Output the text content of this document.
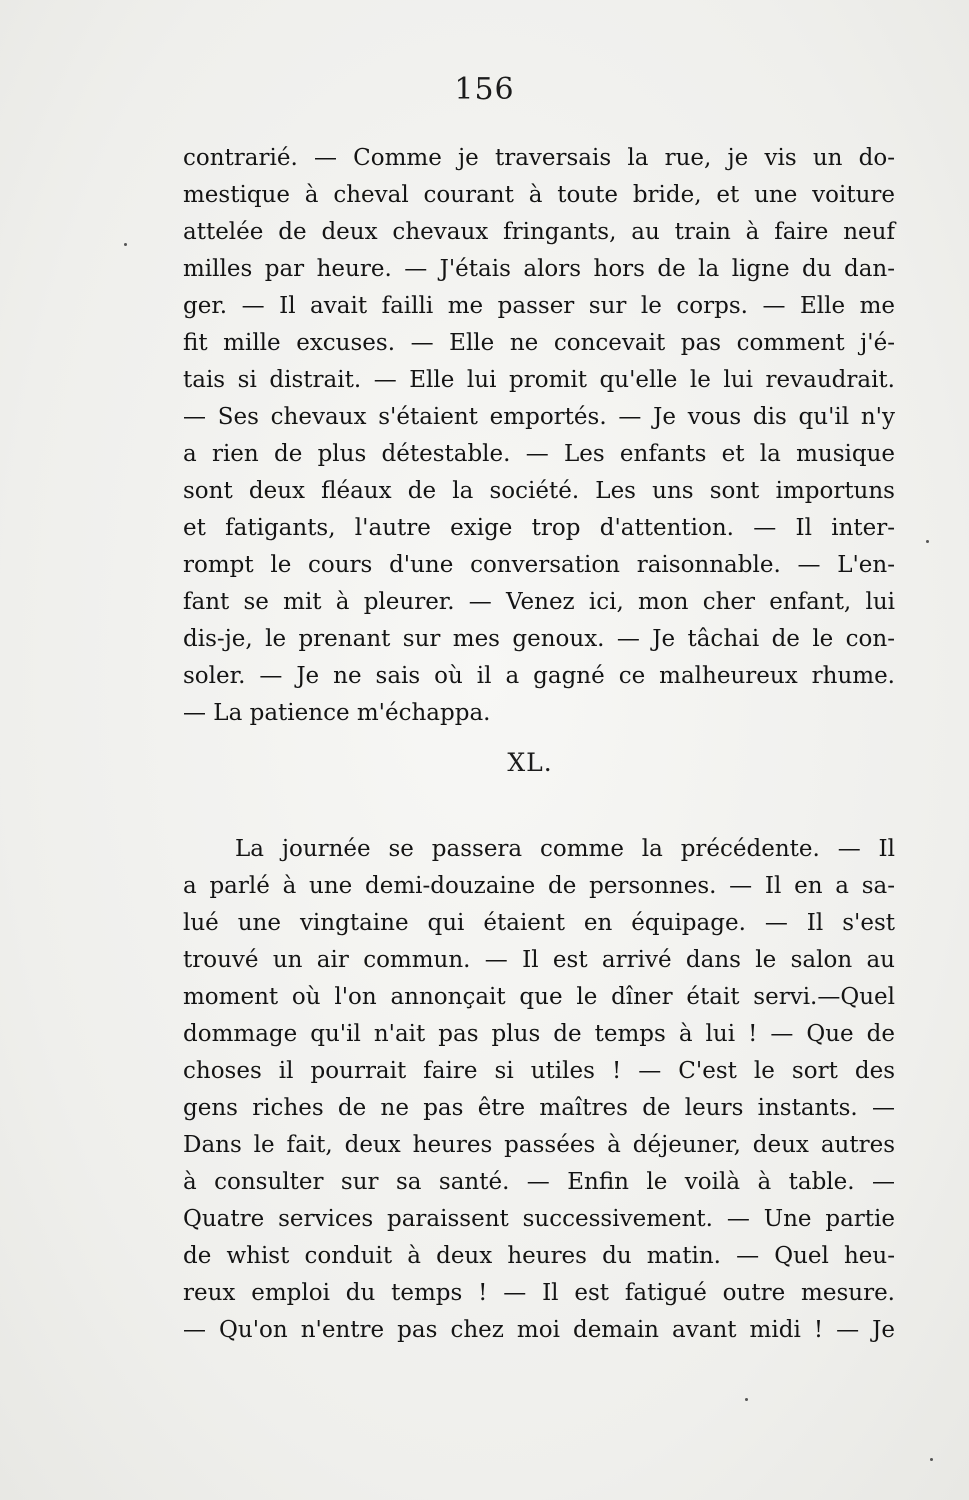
156
contrarié. — Comme je traversais la rue, je vis un do-
mestique à cheval courant à toute bride, et une voiture
attelée de deux chevaux fringants, au train à faire neuf
milles par heure. — J'étais alors hors de la ligne du dan-
ger. — Il avait failli me passer sur le corps. — Elle me
fit mille excuses. — Elle ne concevait pas comment j'é-
tais si distrait. — Elle lui promit qu'elle le lui revaudrait.
— Ses chevaux s'étaient emportés. — Je vous dis qu'il n'y
a rien de plus détestable. — Les enfants et la musique
sont deux fléaux de la société. Les uns sont importuns
et fatigants, l'autre exige trop d'attention. — Il inter-
rompt le cours d'une conversation raisonnable. — L'en-
fant se mit à pleurer. — Venez ici, mon cher enfant, lui
dis-je, le prenant sur mes genoux. — Je tâchai de le con-
soler. — Je ne sais où il a gagné ce malheureux rhume.
— La patience m'échappa.
XL.
La journée se passera comme la précédente. — Il
a parlé à une demi-douzaine de personnes. — Il en a sa-
lué une vingtaine qui étaient en équipage. — Il s'est
trouvé un air commun. — Il est arrivé dans le salon au
moment où l'on annonçait que le dîner était servi.—Quel
dommage qu'il n'ait pas plus de temps à lui ! — Que de
choses il pourrait faire si utiles ! — C'est le sort des
gens riches de ne pas être maîtres de leurs instants. —
Dans le fait, deux heures passées à déjeuner, deux autres
à consulter sur sa santé. — Enfin le voilà à table. —
Quatre services paraissent successivement. — Une partie
de whist conduit à deux heures du matin. — Quel heu-
reux emploi du temps ! — Il est fatigué outre mesure.
— Qu'on n'entre pas chez moi demain avant midi ! — Je
